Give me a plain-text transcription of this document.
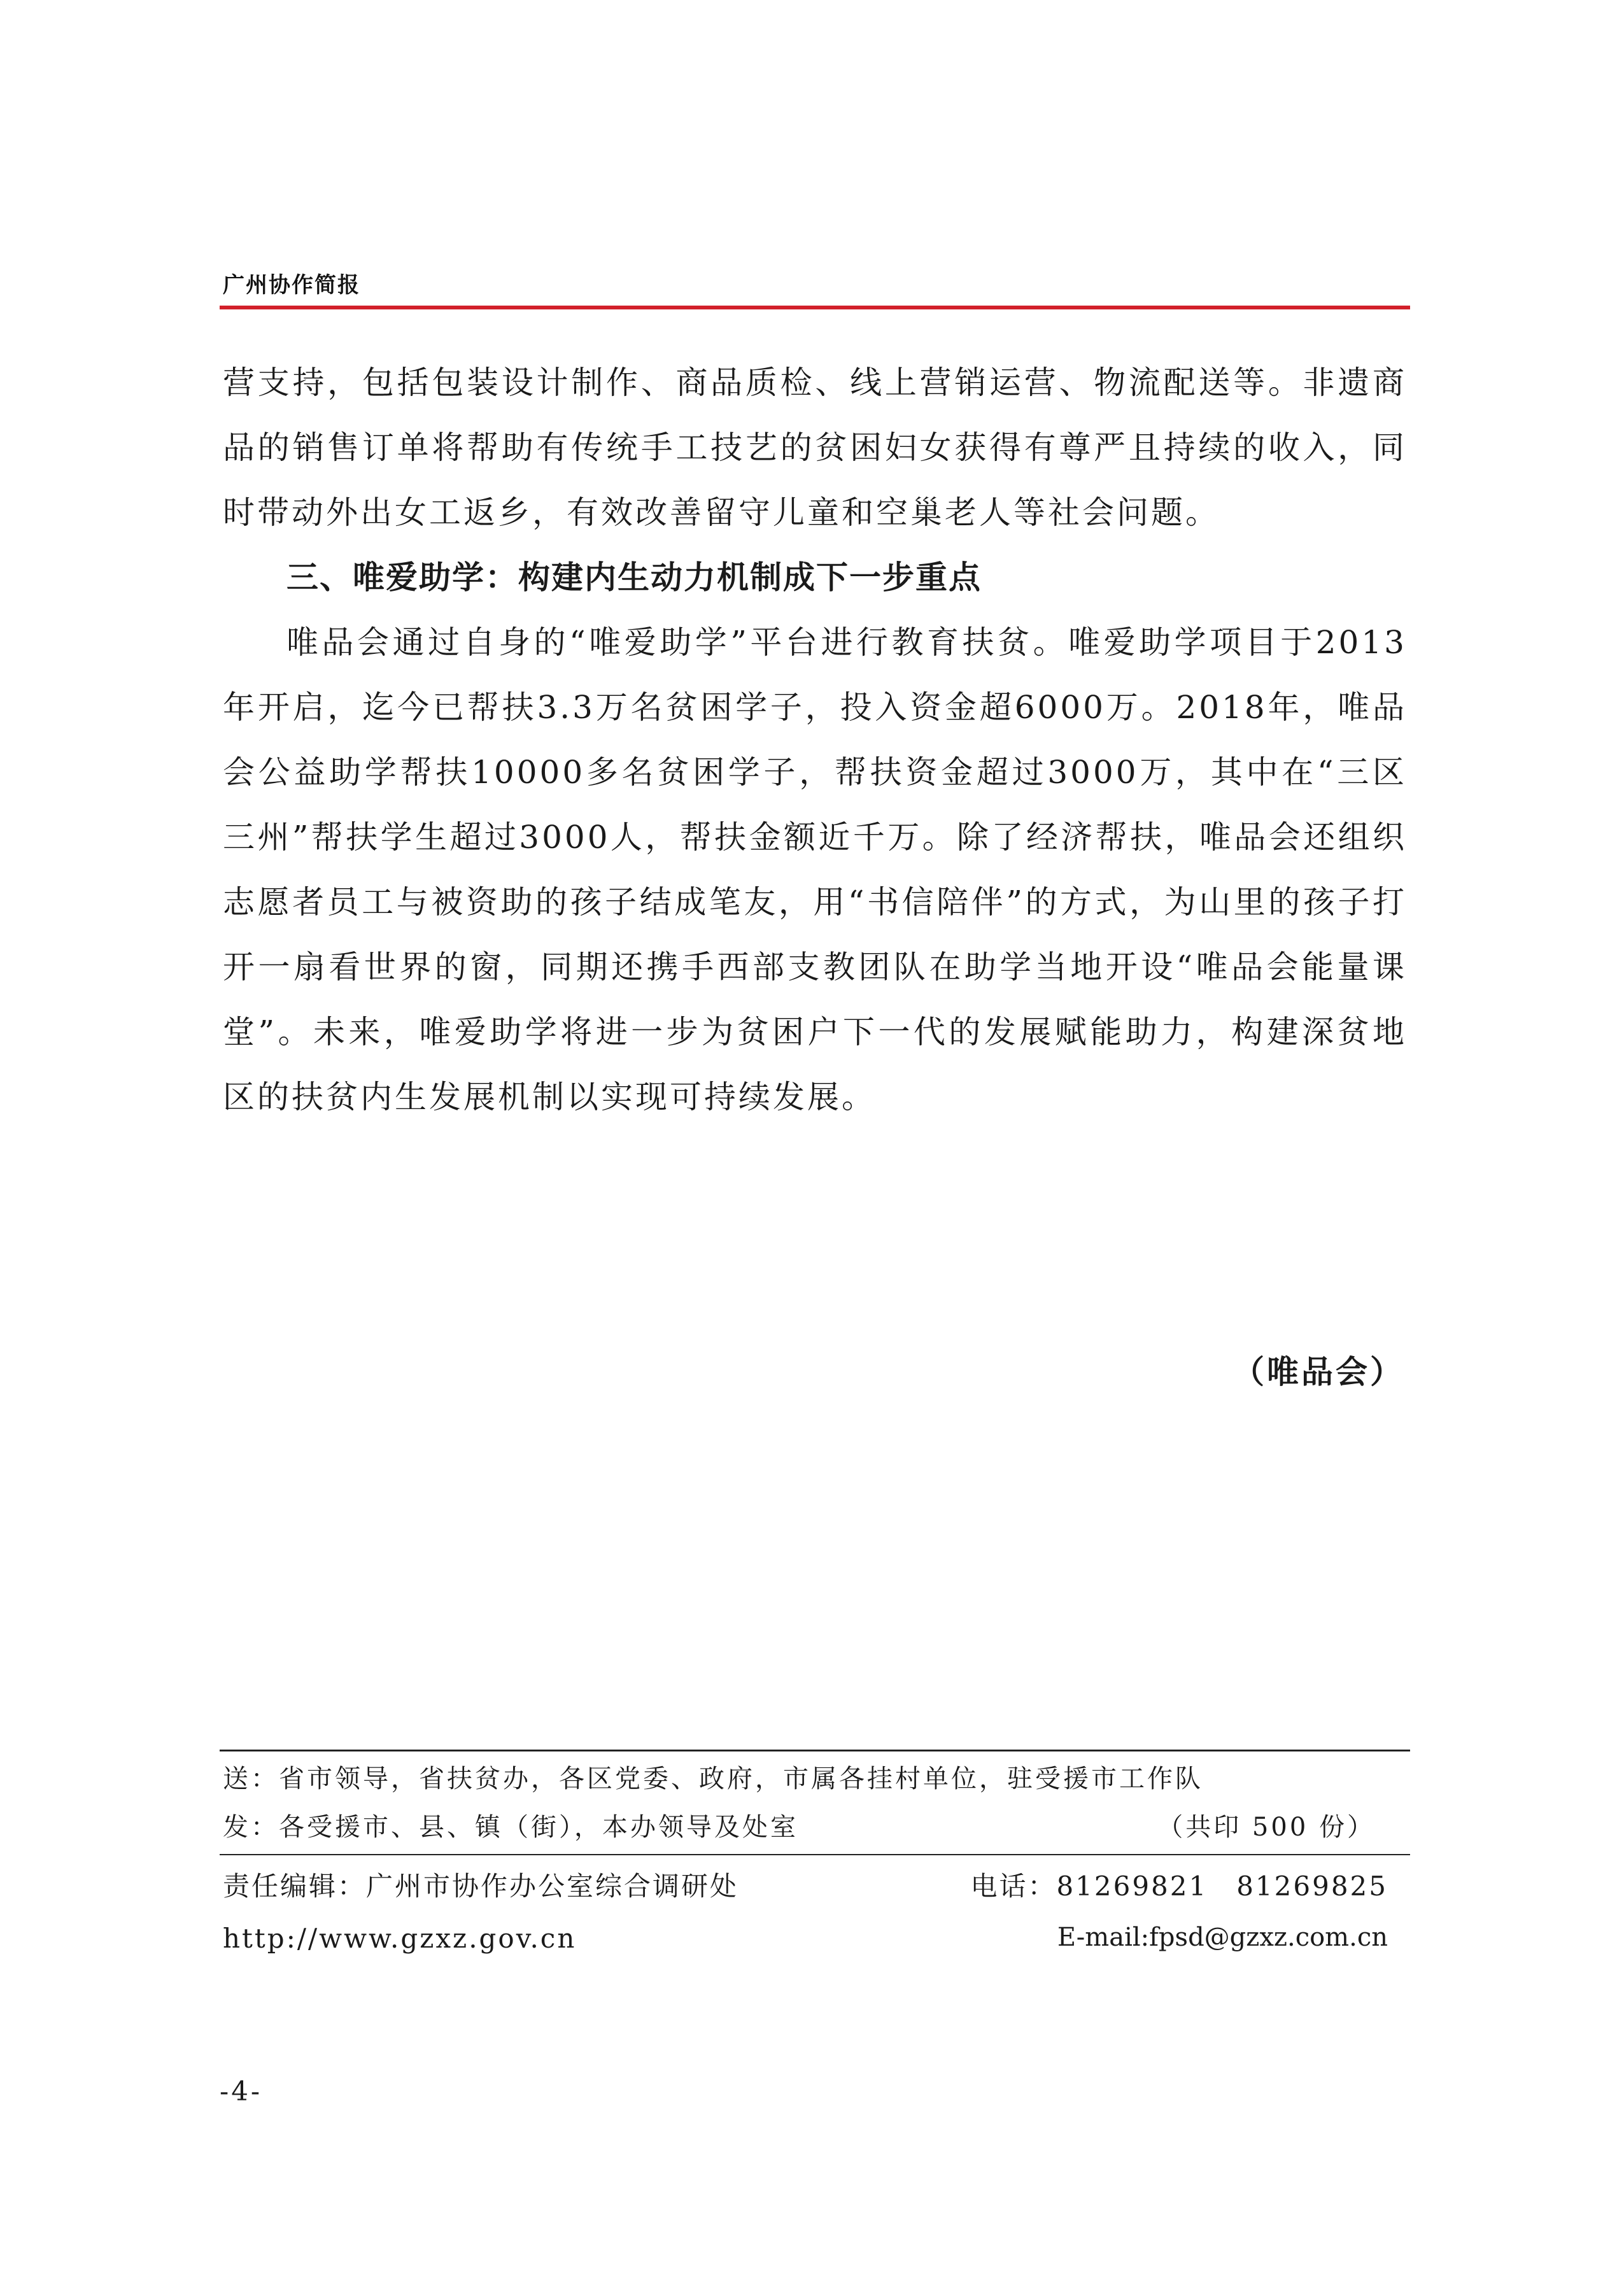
广州协作简报

营支持，包括包装设计制作、商品质检、线上营销运营、物流配送等。非遗商品的销售订单将帮助有传统手工技艺的贫困妇女获得有尊严且持续的收入，同时带动外出女工返乡，有效改善留守儿童和空巢老人等社会问题。

三、唯爱助学：构建内生动力机制成下一步重点

唯品会通过自身的“唯爱助学”平台进行教育扶贫。唯爱助学项目于2013年开启，迄今已帮扶3.3万名贫困学子，投入资金超6000万。2018年，唯品会公益助学帮扶10000多名贫困学子，帮扶资金超过3000万，其中在“三区三州”帮扶学生超过3000人，帮扶金额近千万。除了经济帮扶，唯品会还组织志愿者员工与被资助的孩子结成笔友，用“书信陪伴”的方式，为山里的孩子打开一扇看世界的窗，同期还携手西部支教团队在助学当地开设“唯品会能量课堂”。未来，唯爱助学将进一步为贫困户下一代的发展赋能助力，构建深贫地区的扶贫内生发展机制以实现可持续发展。

（唯品会）
送：省市领导，省扶贫办，各区党委、政府，市属各挂村单位，驻受援市工作队
发：各受援市、县、镇（街），本办领导及处室	（共印 500 份）
责任编辑：广州市协作办公室综合调研处	电话：81269821　81269825
http://www.gzxz.gov.cn	E-mail:fpsd@gzxz.com.cn
-4-
